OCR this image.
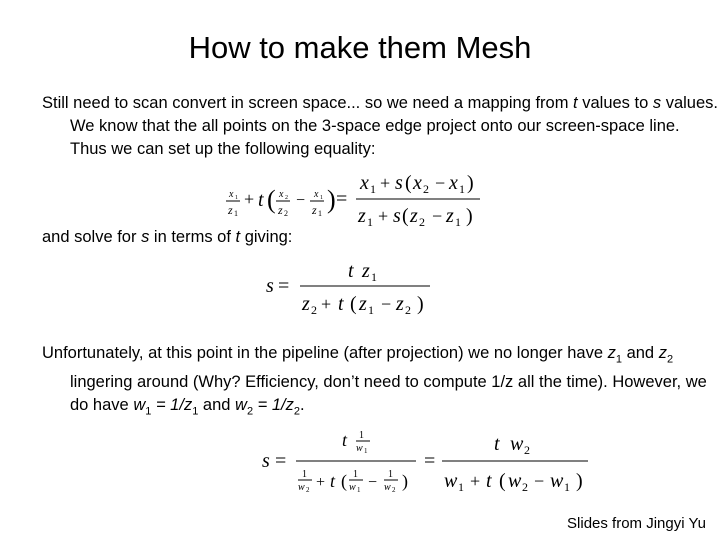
How to make them Mesh
Still need to scan convert in screen space... so we need a mapping from t values to s values. We know that the all points on the 3-space edge project onto our screen-space line. Thus we can set up the following equality:
x 1
z 1
+ t ( x 2
z 2
− x 1
z 1 ) =
x 1 + s ( x 2 − x 1 )
z 1 + s ( z 2 − z 1 )
and solve for s in terms of t giving:
s =
t z 1
z 2 + t ( z 1 − z 2 )
Unfortunately, at this point in the pipeline (after projection) we no longer have $z_1$ and $z_2$ lingering around (Why? Efficiency, don’t need to compute 1/z all the time). However, we do have $w_1 = 1/z_1$ and $w_2 = 1/z_2$.
s =
t 1
w 1
1
w 2 + t ( 1
w 1 − 1
w 2 )
=
t w 2
w 1 + t ( w 2 − w 1 )
Slides from Jingyi Yu
